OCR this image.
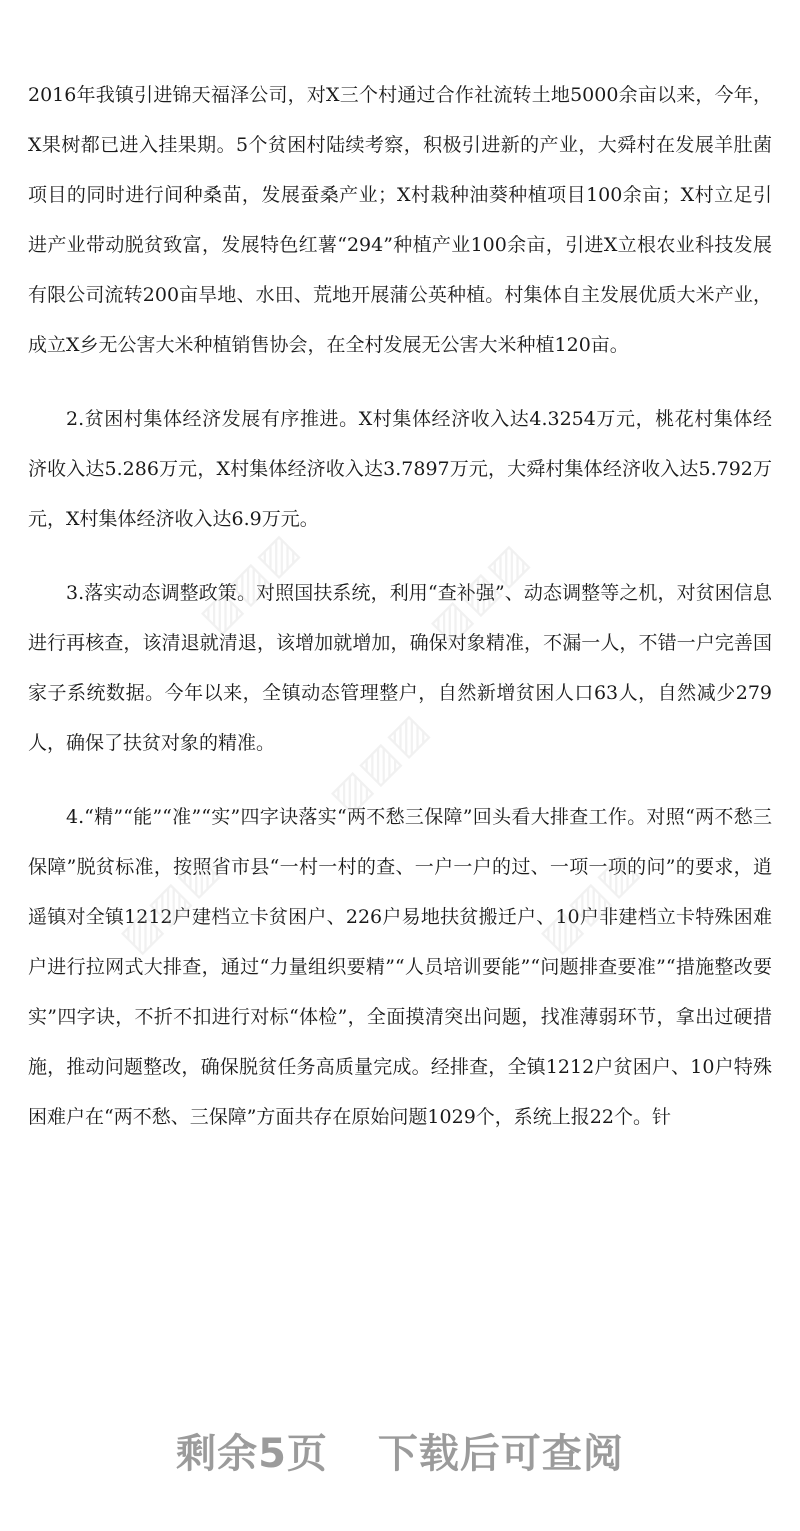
2016年我镇引进锦天福泽公司，对X三个村通过合作社流转土地5000余亩以来，今年，X果树都已进入挂果期。5个贫困村陆续考察，积极引进新的产业，大舜村在发展羊肚菌项目的同时进行间种桑苗，发展蚕桑产业；X村栽种油葵种植项目100余亩；X村立足引进产业带动脱贫致富，发展特色红薯“294”种植产业100余亩，引进X立根农业科技发展有限公司流转200亩旱地、水田、荒地开展蒲公英种植。村集体自主发展优质大米产业，成立X乡无公害大米种植销售协会，在全村发展无公害大米种植120亩。

2.贫困村集体经济发展有序推进。X村集体经济收入达4.3254万元，桃花村集体经济收入达5.286万元，X村集体经济收入达3.7897万元，大舜村集体经济收入达5.792万元，X村集体经济收入达6.9万元。

3.落实动态调整政策。对照国扶系统，利用“查补强”、动态调整等之机，对贫困信息进行再核查，该清退就清退，该增加就增加，确保对象精准，不漏一人，不错一户完善国家子系统数据。今年以来，全镇动态管理整户，自然新增贫困人口63人，自然减少279人，确保了扶贫对象的精准。

4.“精”“能”“准”“实”四字诀落实“两不愁三保障”回头看大排查工作。对照“两不愁三保障”脱贫标准，按照省市县“一村一村的查、一户一户的过、一项一项的问”的要求，逍遥镇对全镇1212户建档立卡贫困户、226户易地扶贫搬迁户、10户非建档立卡特殊困难户进行拉网式大排查，通过“力量组织要精”“人员培训要能”“问题排查要准”“措施整改要实”四字诀，不折不扣进行对标“体检”，全面摸清突出问题，找准薄弱环节，拿出过硬措施，推动问题整改，确保脱贫任务高质量完成。经排查，全镇1212户贫困户、10户特殊困难户在“两不愁、三保障”方面共存在原始问题1029个，系统上报22个。针

▨▨▨	▨▨▨
▨▨▨
▨▨▨	▨▨▨
剩余5页 下载后可查阅
